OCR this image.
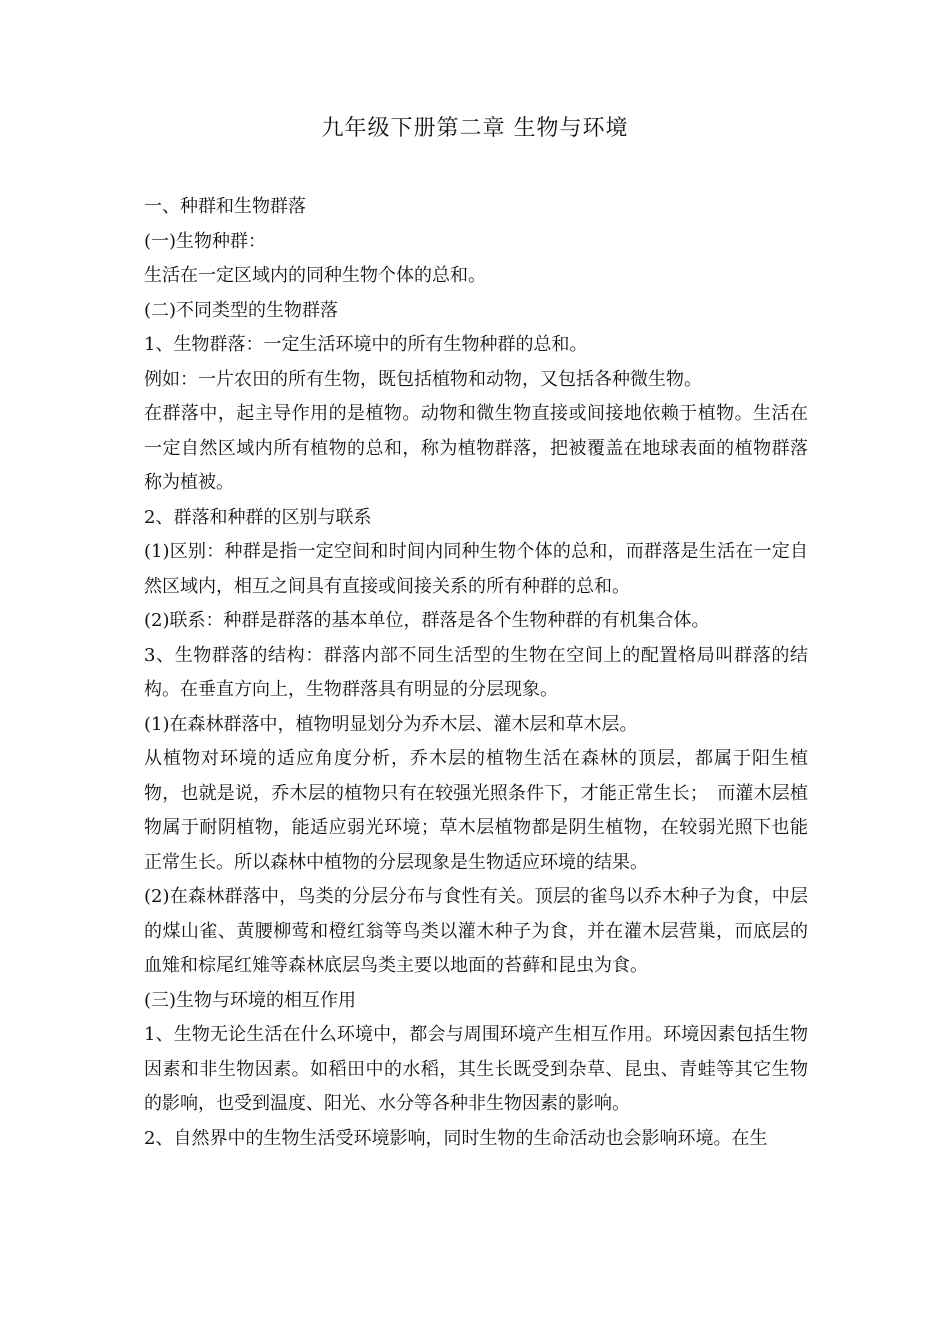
九年级下册第二章 生物与环境

一、种群和生物群落

(一)生物种群：

生活在一定区域内的同种生物个体的总和。

(二)不同类型的生物群落

1、生物群落：一定生活环境中的所有生物种群的总和。

例如：一片农田的所有生物，既包括植物和动物，又包括各种微生物。

在群落中，起主导作用的是植物。动物和微生物直接或间接地依赖于植物。生活在一定自然区域内所有植物的总和，称为植物群落，把被覆盖在地球表面的植物群落称为植被。

2、群落和种群的区别与联系

(1)区别：种群是指一定空间和时间内同种生物个体的总和，而群落是生活在一定自然区域内，相互之间具有直接或间接关系的所有种群的总和。

(2)联系：种群是群落的基本单位，群落是各个生物种群的有机集合体。

3、生物群落的结构：群落内部不同生活型的生物在空间上的配置格局叫群落的结构。在垂直方向上，生物群落具有明显的分层现象。

(1)在森林群落中，植物明显划分为乔木层、灌木层和草木层。

从植物对环境的适应角度分析，乔木层的植物生活在森林的顶层，都属于阳生植物，也就是说，乔木层的植物只有在较强光照条件下，才能正常生长；　而灌木层植物属于耐阴植物，能适应弱光环境；草木层植物都是阴生植物，在较弱光照下也能正常生长。所以森林中植物的分层现象是生物适应环境的结果。

(2)在森林群落中，鸟类的分层分布与食性有关。顶层的雀鸟以乔木种子为食，中层的煤山雀、黄腰柳莺和橙红翁等鸟类以灌木种子为食，并在灌木层营巢，而底层的血雉和棕尾红雉等森林底层鸟类主要以地面的苔藓和昆虫为食。

(三)生物与环境的相互作用

1、生物无论生活在什么环境中，都会与周围环境产生相互作用。环境因素包括生物因素和非生物因素。如稻田中的水稻，其生长既受到杂草、昆虫、青蛙等其它生物的影响，也受到温度、阳光、水分等各种非生物因素的影响。

2、自然界中的生物生活受环境影响，同时生物的生命活动也会影响环境。在生
